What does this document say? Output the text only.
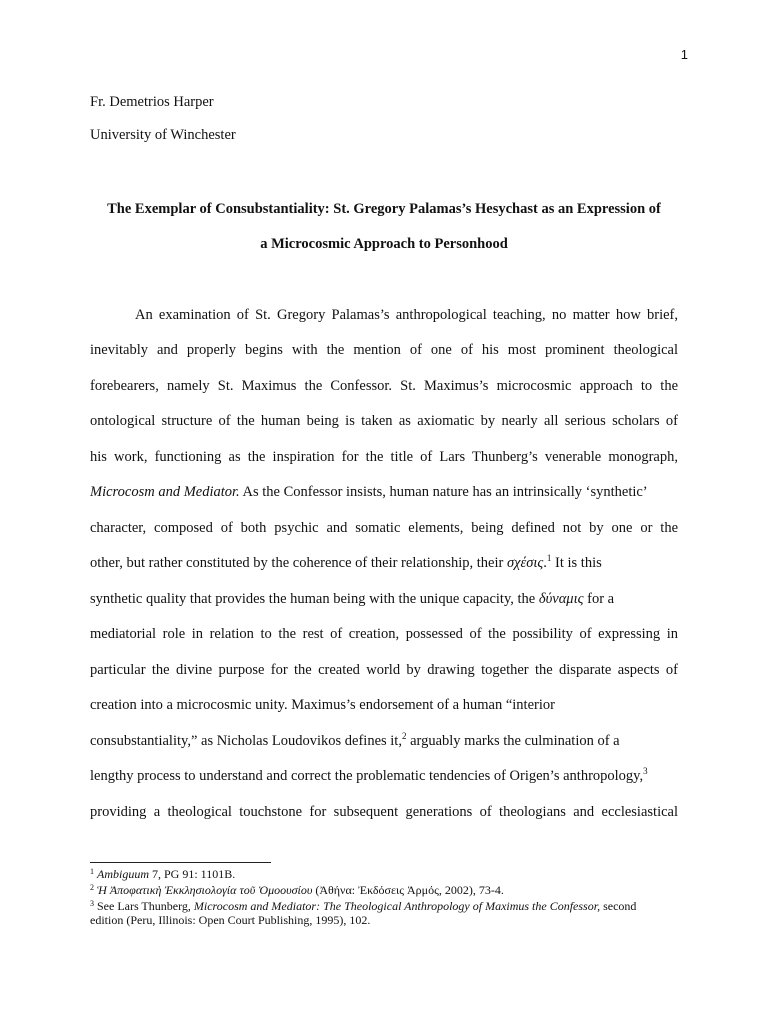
1
Fr. Demetrios Harper
University of Winchester
The Exemplar of Consubstantiality: St. Gregory Palamas’s Hesychast as an Expression of
a Microcosmic Approach to Personhood
An examination of St. Gregory Palamas’s anthropological teaching, no matter how brief,
inevitably and properly begins with the mention of one of his most prominent theological
forebearers, namely St. Maximus the Confessor. St. Maximus’s microcosmic approach to the
ontological structure of the human being is taken as axiomatic by nearly all serious scholars of
his work, functioning as the inspiration for the title of Lars Thunberg’s venerable monograph,
Microcosm and Mediator. As the Confessor insists, human nature has an intrinsically ‘synthetic’
character, composed of both psychic and somatic elements, being defined not by one or the
other, but rather constituted by the coherence of their relationship, their σχέσις.$^1$ It is this
synthetic quality that provides the human being with the unique capacity, the δύναμις for a
mediatorial role in relation to the rest of creation, possessed of the possibility of expressing in
particular the divine purpose for the created world by drawing together the disparate aspects of
creation into a microcosmic unity. Maximus’s endorsement of a human “interior
consubstantiality,” as Nicholas Loudovikos defines it,$^2$ arguably marks the culmination of a
lengthy process to understand and correct the problematic tendencies of Origen’s anthropology,$^3$
providing a theological touchstone for subsequent generations of theologians and ecclesiastical
$^1$ Ambiguum 7, PG 91: 1101B.
$^2$ Ἡ Ἀποφατικὴ Ἐκκλησιολογία τοῦ Ὁμοουσίου (Ἀθήνα: Ἐκδόσεις Ἁρμός, 2002), 73-4.
$^3$ See Lars Thunberg, Microcosm and Mediator: The Theological Anthropology of Maximus the Confessor, second
edition (Peru, Illinois: Open Court Publishing, 1995), 102.
